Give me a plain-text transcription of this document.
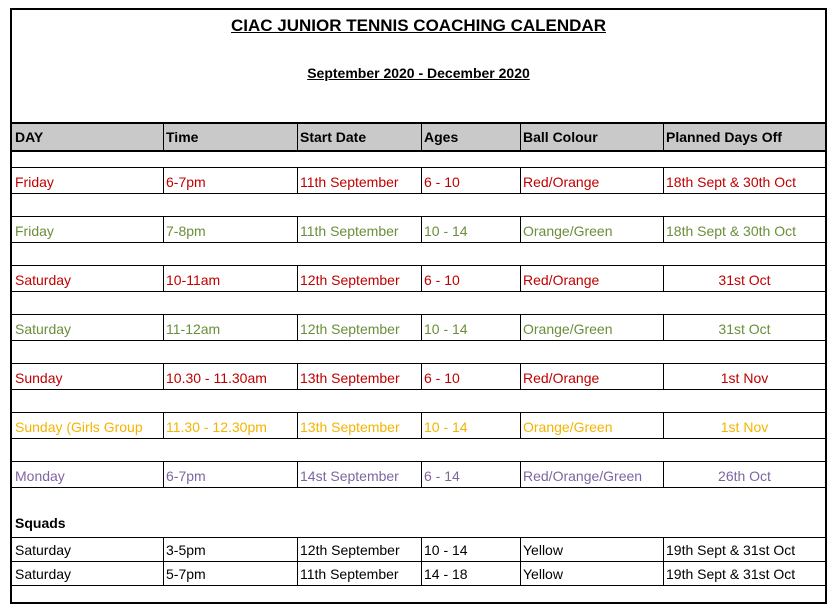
CIAC JUNIOR TENNIS COACHING CALENDAR
September 2020 - December 2020
Squads
DAY	Time	Start Date	Ages	Ball Colour	Planned Days Off
Friday	6-7pm	11th September	6 - 10	Red/Orange	18th Sept & 30th Oct
Friday	7-8pm	11th September	10 - 14	Orange/Green	18th Sept & 30th Oct
Saturday	10-11am	12th September	6 - 10	Red/Orange	31st Oct
Saturday	11-12am	12th September	10 - 14	Orange/Green	31st Oct
Sunday	10.30 - 11.30am	13th September	6 - 10	Red/Orange	1st Nov
Sunday (Girls Group	11.30 - 12.30pm	13th September	10 - 14	Orange/Green	1st Nov
Monday	6-7pm	14st September	6 - 14	Red/Orange/Green	26th Oct
Saturday	3-5pm	12th September	10 - 14	Yellow	19th Sept & 31st Oct
Saturday	5-7pm	11th September	14 - 18	Yellow	19th Sept & 31st Oct
